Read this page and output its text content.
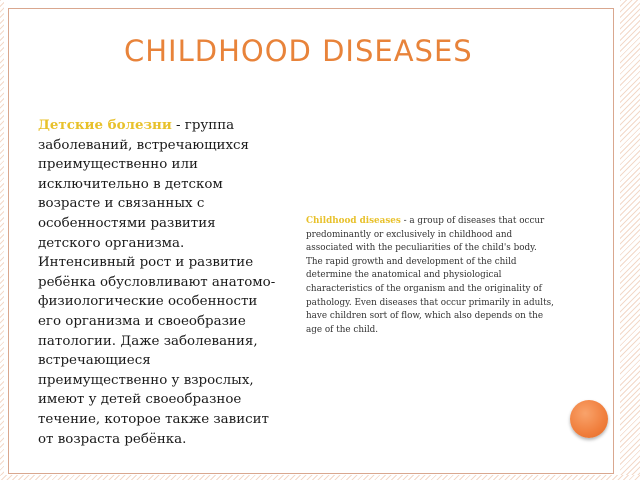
CHILDHOOD DISEASES
Детские болезни - группа заболеваний, встречающихся преимущественно или исключительно в детском возрасте и связанных с особенностями развития детского организма. Интенсивный рост и развитие ребёнка обусловливают анатомо-физиологические особенности его организма и своеобразие патологии. Даже заболевания, встречающиеся преимущественно у взрослых, имеют у детей своеобразное течение, которое также зависит от возраста ребёнка.
Childhood diseases - a group of diseases that occur predominantly or exclusively in childhood and associated with the peculiarities of the child's body. The rapid growth and development of the child determine the anatomical and physiological characteristics of the organism and the originality of pathology. Even diseases that occur primarily in adults, have children sort of flow, which also depends on the age of the child.
